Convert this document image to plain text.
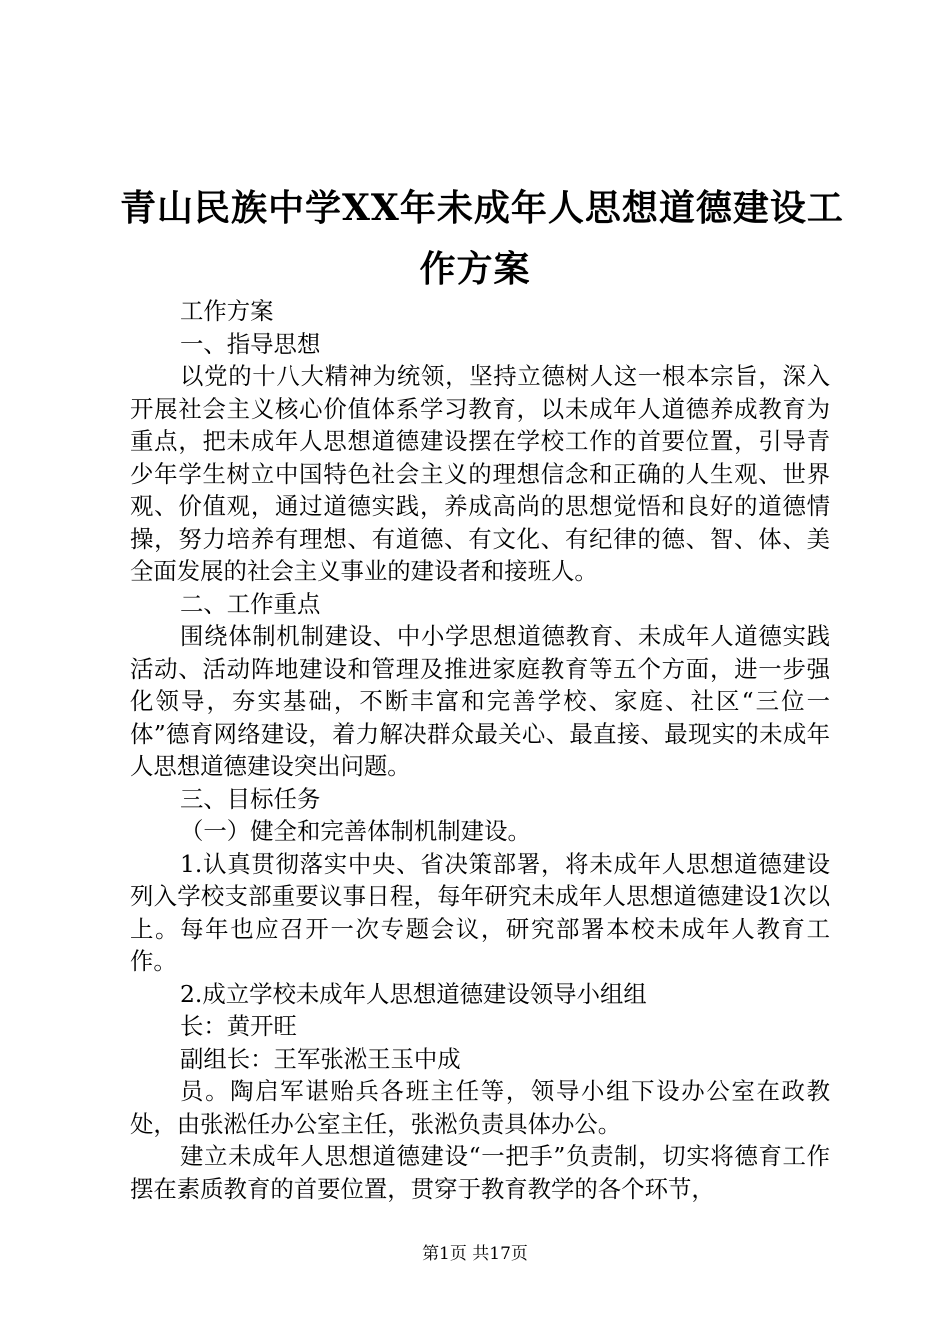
青山民族中学XX年未成年人思想道德建设工
作方案

工作方案

一、指导思想

以党的十八大精神为统领，坚持立德树人这一根本宗旨，深入开展社会主义核心价值体系学习教育，以未成年人道德养成教育为重点，把未成年人思想道德建设摆在学校工作的首要位置，引导青少年学生树立中国特色社会主义的理想信念和正确的人生观、世界观、价值观，通过道德实践，养成高尚的思想觉悟和良好的道德情操，努力培养有理想、有道德、有文化、有纪律的德、智、体、美全面发展的社会主义事业的建设者和接班人。

二、工作重点

围绕体制机制建设、中小学思想道德教育、未成年人道德实践活动、活动阵地建设和管理及推进家庭教育等五个方面，进一步强化领导，夯实基础，不断丰富和完善学校、家庭、社区“三位一体”德育网络建设，着力解决群众最关心、最直接、最现实的未成年人思想道德建设突出问题。

三、目标任务

（一）健全和完善体制机制建设。

1.认真贯彻落实中央、省决策部署，将未成年人思想道德建设列入学校支部重要议事日程，每年研究未成年人思想道德建设1次以上。每年也应召开一次专题会议，研究部署本校未成年人教育工作。

2.成立学校未成年人思想道德建设领导小组组

长：黄开旺

副组长：王军张淞王玉中成

员。陶启军谌贻兵各班主任等，领导小组下设办公室在政教处，由张淞任办公室主任，张淞负责具体办公。

建立未成年人思想道德建设“一把手”负责制，切实将德育工作摆在素质教育的首要位置，贯穿于教育教学的各个环节，

第1页 共17页
